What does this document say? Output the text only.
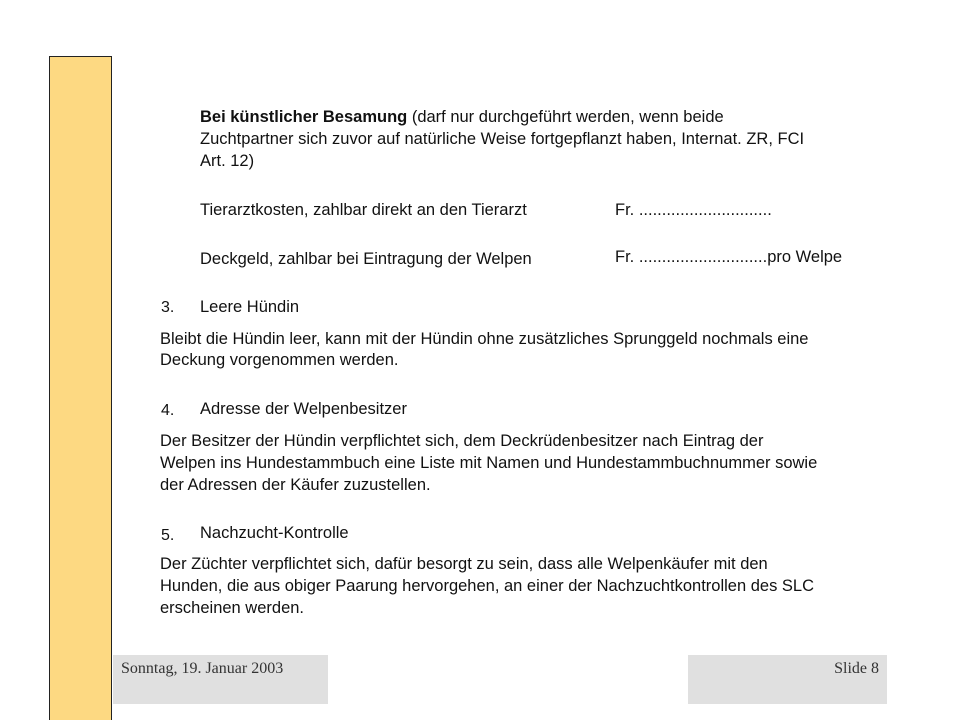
Bei künstlicher Besamung (darf nur durchgeführt werden, wenn beide
Zuchtpartner sich zuvor auf natürliche Weise fortgepflanzt haben, Internat. ZR, FCI
Art. 12)
Tierarztkosten, zahlbar direkt an den Tierarzt	Fr. .............................
Deckgeld, zahlbar bei Eintragung der Welpen	Fr. ............................pro Welpe
3. Leere Hündin
Bleibt die Hündin leer, kann mit der Hündin ohne zusätzliches Sprunggeld nochmals eine
Deckung vorgenommen werden.
4. Adresse der Welpenbesitzer
Der Besitzer der Hündin verpflichtet sich, dem Deckrüdenbesitzer nach Eintrag der
Welpen ins Hundestammbuch eine Liste mit Namen und Hundestammbuchnummer sowie
der Adressen der Käufer zuzustellen.
5. Nachzucht-Kontrolle
Der Züchter verpflichtet sich, dafür besorgt zu sein, dass alle Welpenkäufer mit den
Hunden, die aus obiger Paarung hervorgehen, an einer der Nachzuchtkontrollen des SLC
erscheinen werden.
Sonntag, 19. Januar 2003	Slide 8
